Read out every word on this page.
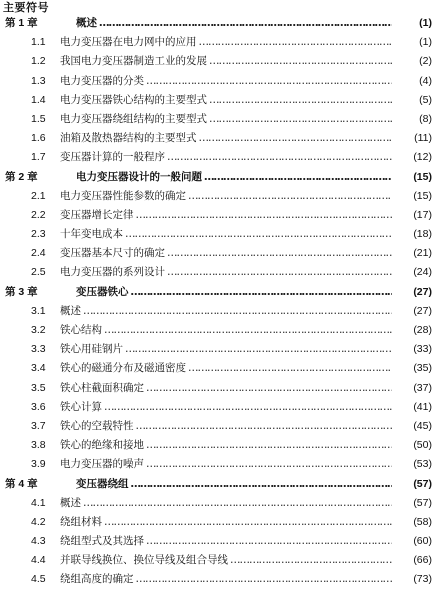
主要符号
第 1 章	概述 ………………………………………………………………………………………………………………………………………………………………………………	(1)
1.1 电力变压器在电力网中的应用 ………………………………………………………………………………………………………………………………………………………………………………	(1)
1.2 我国电力变压器制造工业的发展 ………………………………………………………………………………………………………………………………………………………………………………	(2)
1.3 电力变压器的分类 ………………………………………………………………………………………………………………………………………………………………………………	(4)
1.4 电力变压器铁心结构的主要型式 ………………………………………………………………………………………………………………………………………………………………………………	(5)
1.5 电力变压器绕组结构的主要型式 ………………………………………………………………………………………………………………………………………………………………………………	(8)
1.6 油箱及散热器结构的主要型式 ………………………………………………………………………………………………………………………………………………………………………………	(11)
1.7 变压器计算的一般程序 ………………………………………………………………………………………………………………………………………………………………………………	(12)
第 2 章	电力变压器设计的一般问题 ………………………………………………………………………………………………………………………………………………………………………………	(15)
2.1 电力变压器性能参数的确定 ………………………………………………………………………………………………………………………………………………………………………………	(15)
2.2 变压器增长定律 ………………………………………………………………………………………………………………………………………………………………………………	(17)
2.3 十年变电成本 ………………………………………………………………………………………………………………………………………………………………………………	(18)
2.4 变压器基本尺寸的确定 ………………………………………………………………………………………………………………………………………………………………………………	(21)
2.5 电力变压器的系列设计 ………………………………………………………………………………………………………………………………………………………………………………	(24)
第 3 章	变压器铁心 ………………………………………………………………………………………………………………………………………………………………………………	(27)
3.1 概述 ………………………………………………………………………………………………………………………………………………………………………………	(27)
3.2 铁心结构 ………………………………………………………………………………………………………………………………………………………………………………	(28)
3.3 铁心用硅钢片 ………………………………………………………………………………………………………………………………………………………………………………	(33)
3.4 铁心的磁通分布及磁通密度 ………………………………………………………………………………………………………………………………………………………………………………	(35)
3.5 铁心柱截面积确定 ………………………………………………………………………………………………………………………………………………………………………………	(37)
3.6 铁心计算 ………………………………………………………………………………………………………………………………………………………………………………	(41)
3.7 铁心的空载特性 ………………………………………………………………………………………………………………………………………………………………………………	(45)
3.8 铁心的绝缘和接地 ………………………………………………………………………………………………………………………………………………………………………………	(50)
3.9 电力变压器的噪声 ………………………………………………………………………………………………………………………………………………………………………………	(53)
第 4 章	变压器绕组 ………………………………………………………………………………………………………………………………………………………………………………	(57)
4.1 概述 ………………………………………………………………………………………………………………………………………………………………………………	(57)
4.2 绕组材料 ………………………………………………………………………………………………………………………………………………………………………………	(58)
4.3 绕组型式及其选择 ………………………………………………………………………………………………………………………………………………………………………………	(60)
4.4 并联导线换位、换位导线及组合导线 ………………………………………………………………………………………………………………………………………………………………………………	(66)
4.5 绕组高度的确定 ………………………………………………………………………………………………………………………………………………………………………………	(73)
